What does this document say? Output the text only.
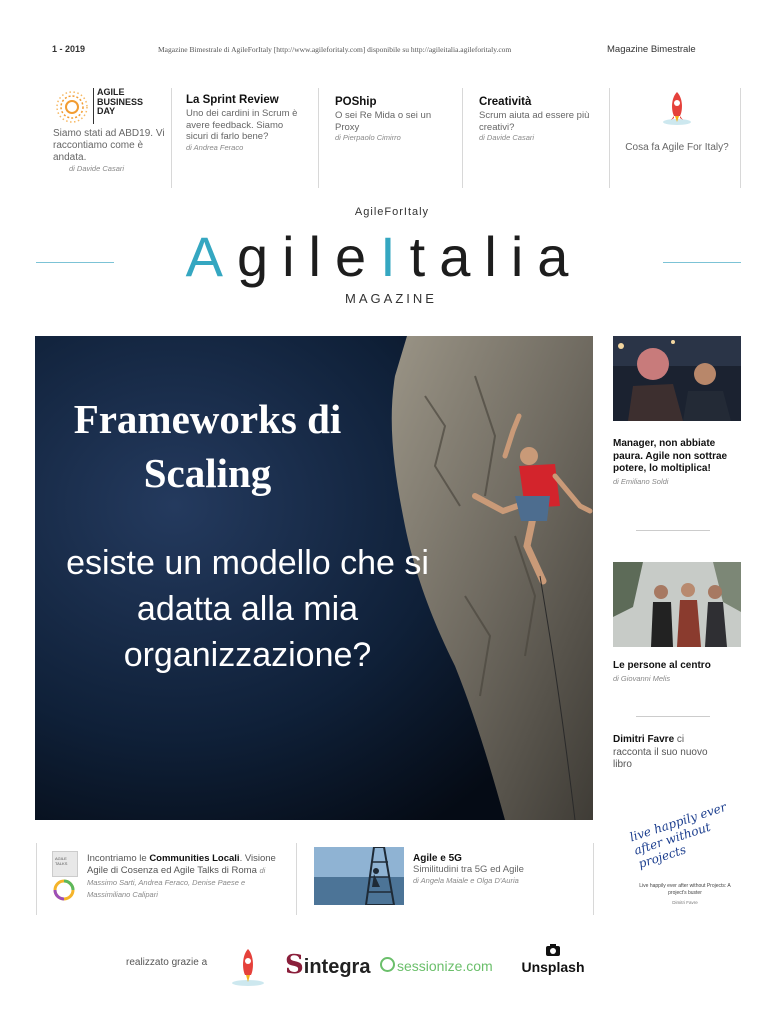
1 - 2019	Magazine Bimestrale di AgileForItaly [http://www.agileforitaly.com] disponibile su http://agileitalia.agileforitaly.com	Magazine Bimestrale
AGILE BUSINESS DAY
Siamo stati ad ABD19. Vi raccontiamo come è andata.
di Davide Casari
La Sprint Review
Uno dei cardini in Scrum è avere feedback. Siamo sicuri di farlo bene?
di Andrea Feraco
POShip
O sei Re Mida o sei un Proxy
di Pierpaolo Cimirro
Creatività
Scrum aiuta ad essere più creativi?
di Davide Casari
Cosa fa Agile For Italy?
AgileForItaly
AgileItalia
MAGAZINE
Frameworks di Scaling
esiste un modello che si adatta alla mia organizzazione?
Manager, non abbiate paura. Agile non sottrae potere, lo moltiplica!
di Emiliano Soldi
Le persone al centro
di Giovanni Melis
Dimitri Favre ci racconta il suo nuovo libro
live happily ever after without projects
Live happily ever after without Projects: A project's buster
Dimitri Favre
AGILE TALKS	Incontriamo le Communities Locali. Visione Agile di Cosenza ed Agile Talks di Roma di Massimo Sarti, Andrea Feraco, Denise Paese e Massimiliano Calipari
Agile e 5G
Similitudini tra 5G ed Agile
di Angela Maiale e Olga D'Auria
realizzato grazie a	Sintegra	sessionize.com Unsplash
